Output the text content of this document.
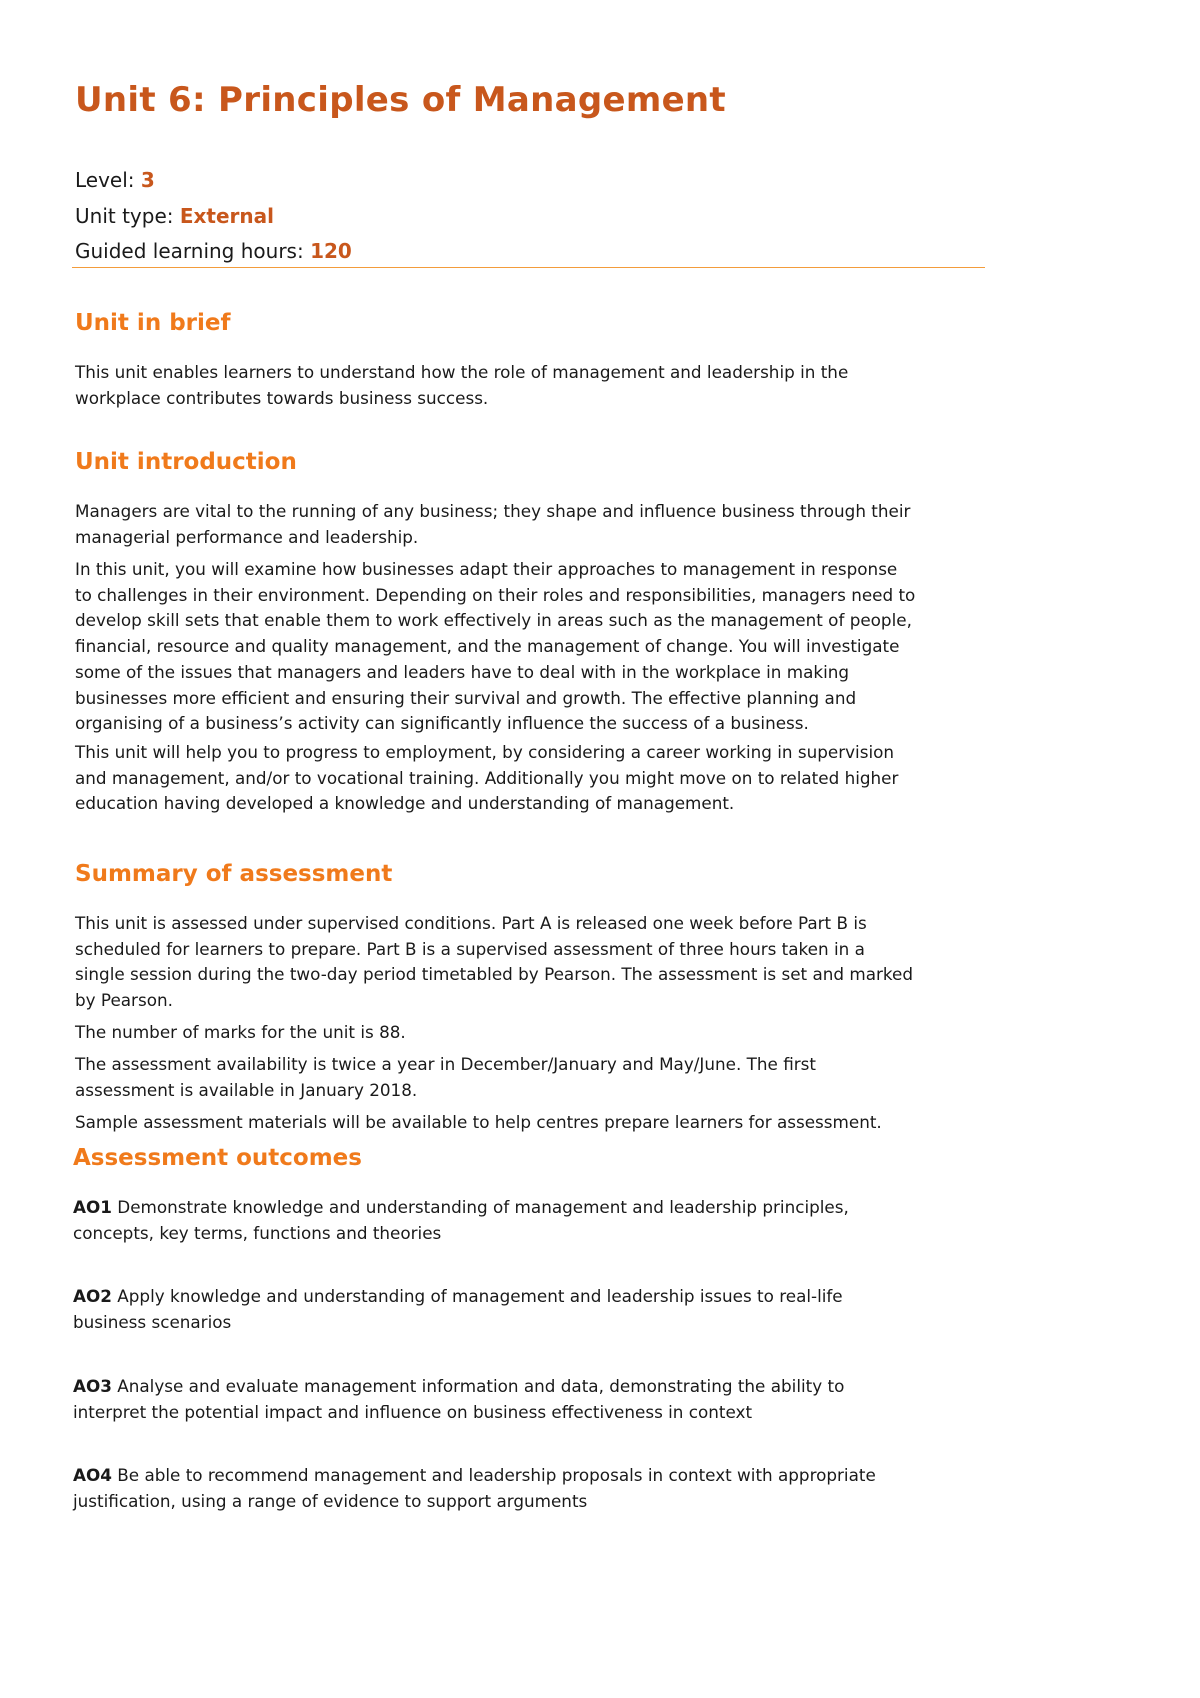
Unit 6: Principles of Management
Level: 3
Unit type: External
Guided learning hours: 120
Unit in brief

This unit enables learners to understand how the role of management and leadership in the
workplace contributes towards business success.

Unit introduction

Managers are vital to the running of any business; they shape and influence business through their
managerial performance and leadership.

In this unit, you will examine how businesses adapt their approaches to management in response
to challenges in their environment. Depending on their roles and responsibilities, managers need to
develop skill sets that enable them to work effectively in areas such as the management of people,
financial, resource and quality management, and the management of change. You will investigate
some of the issues that managers and leaders have to deal with in the workplace in making
businesses more efficient and ensuring their survival and growth. The effective planning and
organising of a business’s activity can significantly influence the success of a business.

This unit will help you to progress to employment, by considering a career working in supervision
and management, and/or to vocational training. Additionally you might move on to related higher
education having developed a knowledge and understanding of management.

Summary of assessment

This unit is assessed under supervised conditions. Part A is released one week before Part B is
scheduled for learners to prepare. Part B is a supervised assessment of three hours taken in a
single session during the two-day period timetabled by Pearson. The assessment is set and marked
by Pearson.

The number of marks for the unit is 88.

The assessment availability is twice a year in December/January and May/June. The first
assessment is available in January 2018.

Sample assessment materials will be available to help centres prepare learners for assessment.

Assessment outcomes

AO1 Demonstrate knowledge and understanding of management and leadership principles,
concepts, key terms, functions and theories

AO2 Apply knowledge and understanding of management and leadership issues to real-life
business scenarios

AO3 Analyse and evaluate management information and data, demonstrating the ability to
interpret the potential impact and influence on business effectiveness in context

AO4 Be able to recommend management and leadership proposals in context with appropriate
justification, using a range of evidence to support arguments
